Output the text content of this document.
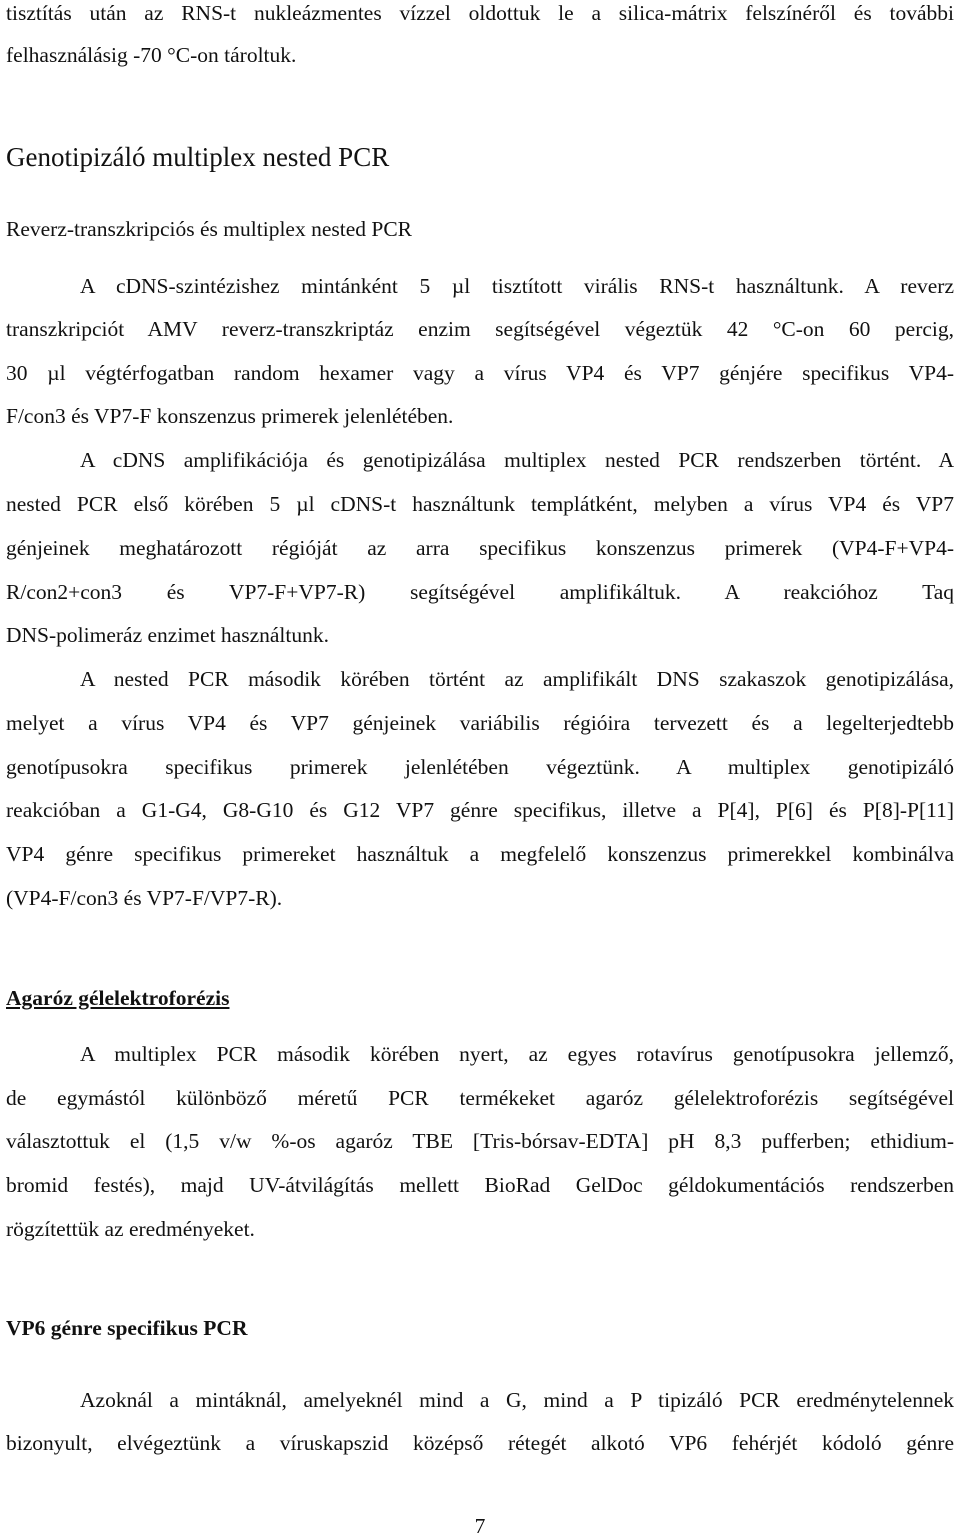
tisztítás után az RNS-t nukleázmentes vízzel oldottuk le a silica-mátrix felszínéről és további
felhasználásig -70 °C-on tároltuk.
Genotipizáló multiplex nested PCR
Reverz-transzkripciós és multiplex nested PCR
A cDNS-szintézishez mintánként 5 µl tisztított virális RNS-t használtunk. A reverz
transzkripciót AMV reverz-transzkriptáz enzim segítségével végeztük 42 °C-on 60 percig,
30 µl végtérfogatban random hexamer vagy a vírus VP4 és VP7 génjére specifikus VP4-
F/con3 és VP7-F konszenzus primerek jelenlétében.
A cDNS amplifikációja és genotipizálása multiplex nested PCR rendszerben történt. A
nested PCR első körében 5 µl cDNS-t használtunk templátként, melyben a vírus VP4 és VP7
génjeinek meghatározott régióját az arra specifikus konszenzus primerek (VP4-F+VP4-
R/con2+con3 és VP7-F+VP7-R) segítségével amplifikáltuk. A reakcióhoz Taq
DNS-polimeráz enzimet használtunk.
A nested PCR második körében történt az amplifikált DNS szakaszok genotipizálása,
melyet a vírus VP4 és VP7 génjeinek variábilis régióira tervezett és a legelterjedtebb
genotípusokra specifikus primerek jelenlétében végeztünk. A multiplex genotipizáló
reakcióban a G1-G4, G8-G10 és G12 VP7 génre specifikus, illetve a P[4], P[6] és P[8]-P[11]
VP4 génre specifikus primereket használtuk a megfelelő konszenzus primerekkel kombinálva
(VP4-F/con3 és VP7-F/VP7-R).
Agaróz gélelektroforézis
A multiplex PCR második körében nyert, az egyes rotavírus genotípusokra jellemző,
de egymástól különböző méretű PCR termékeket agaróz gélelektroforézis segítségével
választottuk el (1,5 v/w %-os agaróz TBE [Tris-bórsav-EDTA] pH 8,3 pufferben; ethidium-
bromid festés), majd UV-átvilágítás mellett BioRad GelDoc géldokumentációs rendszerben
rögzítettük az eredményeket.
VP6 génre specifikus PCR
Azoknál a mintáknál, amelyeknél mind a G, mind a P tipizáló PCR eredménytelennek
bizonyult, elvégeztünk a víruskapszid középső rétegét alkotó VP6 fehérjét kódoló génre
7
